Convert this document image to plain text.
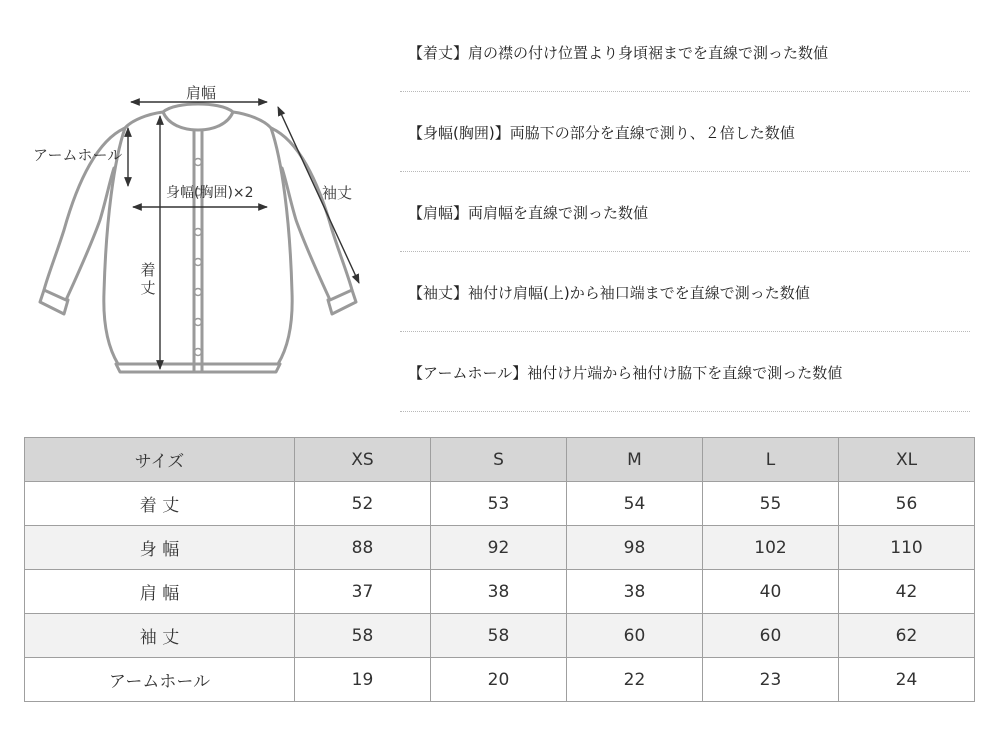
肩幅
アームホール
身幅(胸囲)×2	袖丈
着丈
【着丈】肩の襟の付け位置より身頃裾までを直線で測った数値
【身幅(胸囲)】両脇下の部分を直線で測り、２倍した数値
【肩幅】両肩幅を直線で測った数値
【袖丈】袖付け肩幅(上)から袖口端までを直線で測った数値
【アームホール】袖付け片端から袖付け脇下を直線で測った数値
サイズ	XS	S	M	L	XL
着 丈	52	53	54	55	56
身 幅	88	92	98	102	110
肩 幅	37	38	38	40	42
袖 丈	58	58	60	60	62
アームホール	19	20	22	23	24
